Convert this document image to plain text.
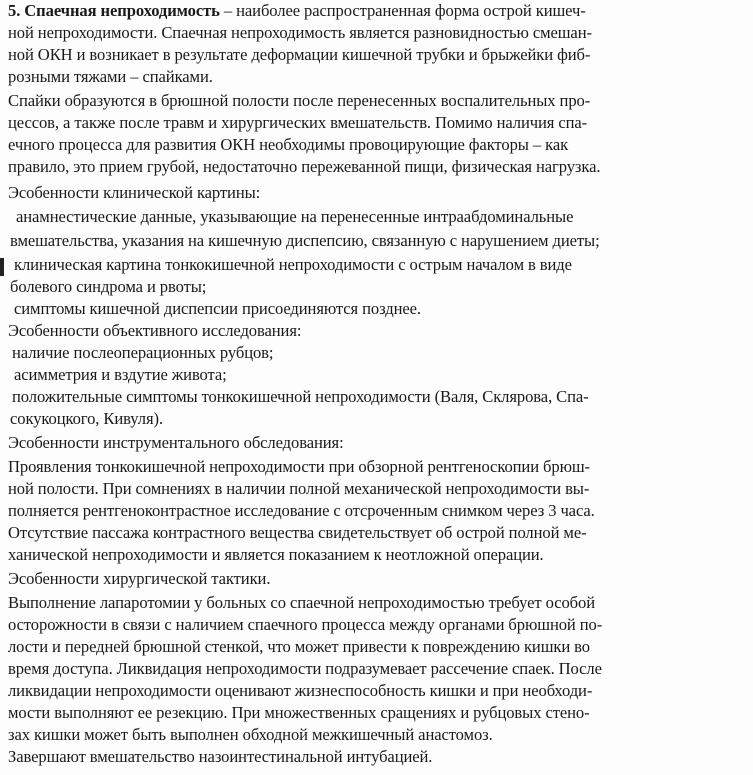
5. Спаечная непроходимость – наиболее распространенная форма острой кишеч-
ной непроходимости. Спаечная непроходимость является разновидностью смешан-
ной ОКН и возникает в результате деформации кишечной трубки и брыжейки фиб-
розными тяжами – спайками.
Спайки образуются в брюшной полости после перенесенных воспалительных про-
цессов, а также после травм и хирургических вмешательств. Помимо наличия спа-
ечного процесса для развития ОКН необходимы провоцирующие факторы – как
правило, это прием грубой, недостаточно пережеванной пищи, физическая нагрузка.
Эсобенности клинической картины:
анамнестические данные, указывающие на перенесенные интраабдоминальные
вмешательства, указания на кишечную диспепсию, связанную с нарушением диеты;
клиническая картина тонкокишечной непроходимости с острым началом в виде
болевого синдрома и рвоты;
симптомы кишечной диспепсии присоединяются позднее.
Эсобенности объективного исследования:
наличие послеоперационных рубцов;
асимметрия и вздутие живота;
положительные симптомы тонкокишечной непроходимости (Валя, Склярова, Спа-
сокукоцкого, Кивуля).
Эсобенности инструментального обследования:
Проявления тонкокишечной непроходимости при обзорной рентгеноскопии брюш-
ной полости. При сомнениях в наличии полной механической непроходимости вы-
полняется рентгеноконтрастное исследование с отсроченным снимком через 3 часа.
Отсутствие пассажа контрастного вещества свидетельствует об острой полной ме-
ханической непроходимости и является показанием к неотложной операции.
Эсобенности хирургической тактики.
Выполнение лапаротомии у больных со спаечной непроходимостью требует особой
осторожности в связи с наличием спаечного процесса между органами брюшной по-
лости и передней брюшной стенкой, что может привести к повреждению кишки во
время доступа. Ликвидация непроходимости подразумевает рассечение спаек. После
ликвидации непроходимости оценивают жизнеспособность кишки и при необходи-
мости выполняют ее резекцию. При множественных сращениях и рубцовых стено-
зах кишки может быть выполнен обходной межкишечный анастомоз.
Завершают вмешательство назоинтестинальной интубацией.
